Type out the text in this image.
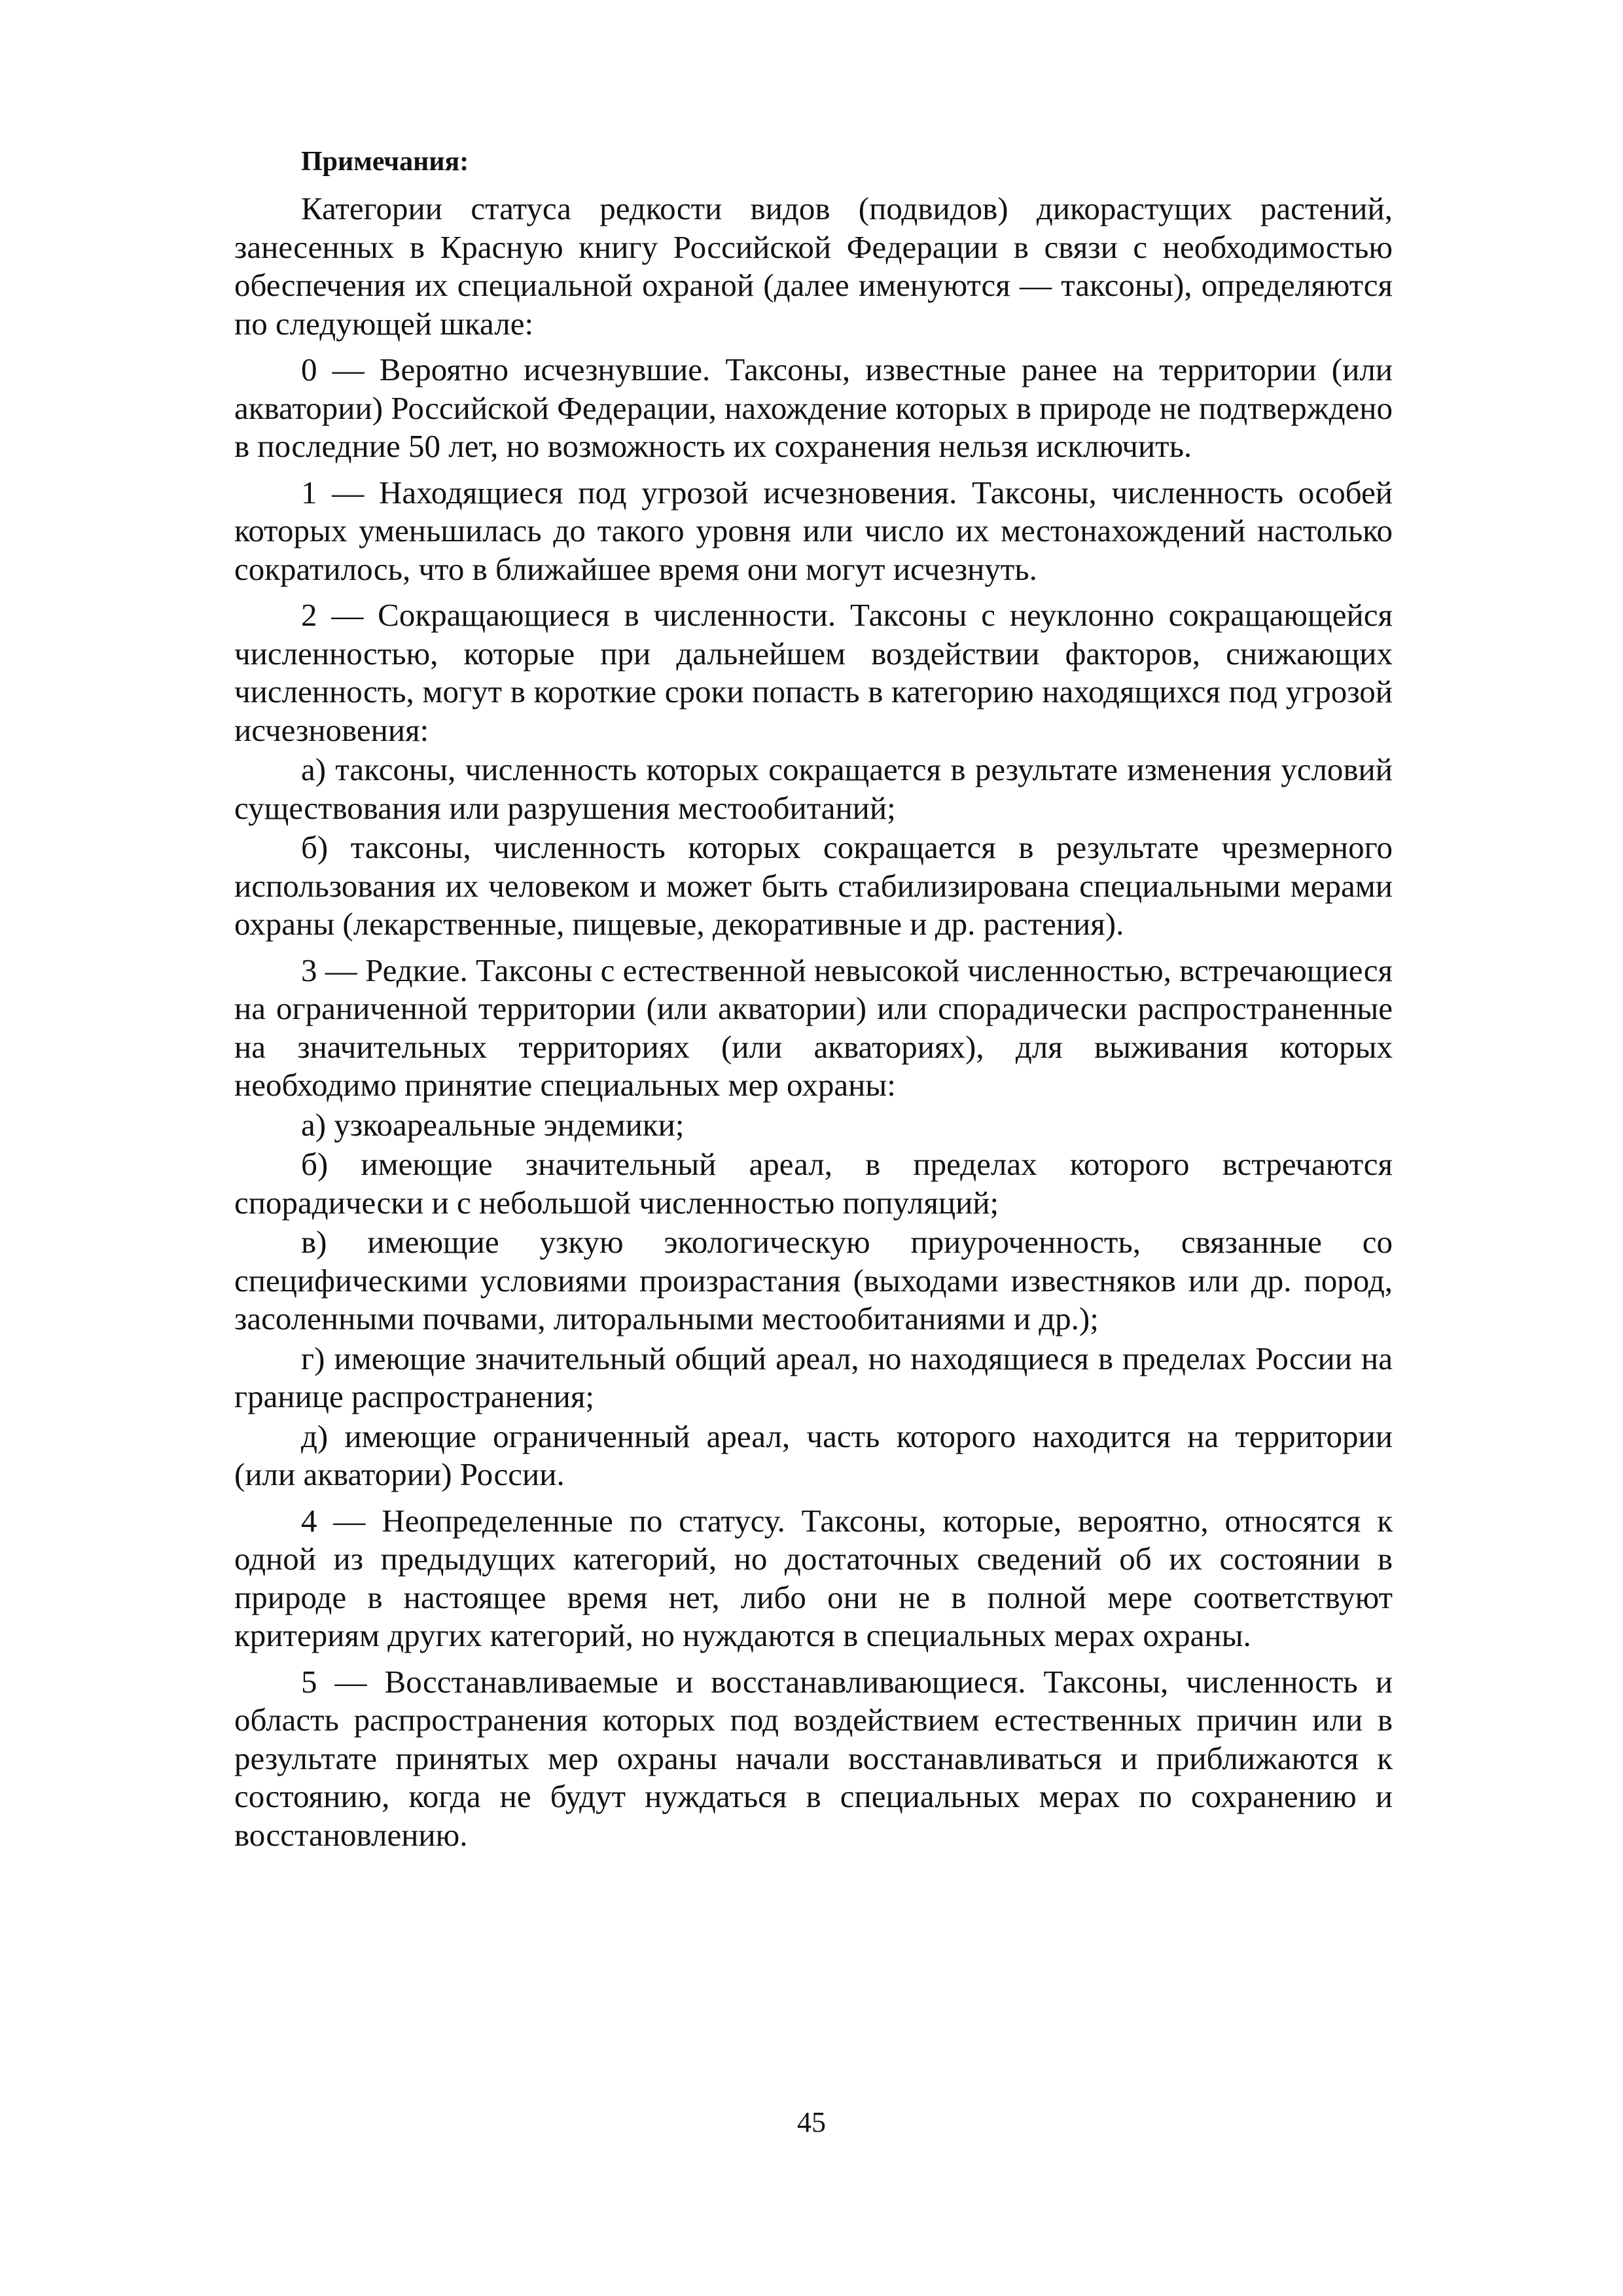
Примечания:

Категории статуса редкости видов (подвидов) дикорастущих растений, занесенных в Красную книгу Российской Федерации в связи с необходимостью обеспечения их специальной охраной (далее именуются — таксоны), определяются по следующей шкале:

0 — Вероятно исчезнувшие. Таксоны, известные ранее на территории (или акватории) Российской Федерации, нахождение которых в природе не подтверждено в последние 50 лет, но возможность их сохранения нельзя исключить.

1 — Находящиеся под угрозой исчезновения. Таксоны, численность особей которых уменьшилась до такого уровня или число их местонахождений настолько сократилось, что в ближайшее время они могут исчезнуть.

2 — Сокращающиеся в численности. Таксоны с неуклонно сокращающейся численностью, которые при дальнейшем воздействии факторов, снижающих численность, могут в короткие сроки попасть в категорию находящихся под угрозой исчезновения:

а) таксоны, численность которых сокращается в результате изменения условий существования или разрушения местообитаний;

б) таксоны, численность которых сокращается в результате чрезмерного использования их человеком и может быть стабилизирована специальными мерами охраны (лекарственные, пищевые, декоративные и др. растения).

3 — Редкие. Таксоны с естественной невысокой численностью, встречающиеся на ограниченной территории (или акватории) или спорадически распространенные на значительных территориях (или акваториях), для выживания которых необходимо принятие специальных мер охраны:

а) узкоареальные эндемики;

б) имеющие значительный ареал, в пределах которого встречаются спорадически и с небольшой численностью популяций;

в) имеющие узкую экологическую приуроченность, связанные со специфическими условиями произрастания (выходами известняков или др. пород, засоленными почвами, литоральными местообитаниями и др.);

г) имеющие значительный общий ареал, но находящиеся в пределах России на границе распространения;

д) имеющие ограниченный ареал, часть которого находится на территории (или акватории) России.

4 — Неопределенные по статусу. Таксоны, которые, вероятно, относятся к одной из предыдущих категорий, но достаточных сведений об их состоянии в природе в настоящее время нет, либо они не в полной мере соответствуют критериям других категорий, но нуждаются в специальных мерах охраны.

5 — Восстанавливаемые и восстанавливающиеся. Таксоны, численность и область распространения которых под воздействием естественных причин или в результате принятых мер охраны начали восстанавливаться и приближаются к состоянию, когда не будут нуждаться в специальных мерах по сохранению и восстановлению.

45
